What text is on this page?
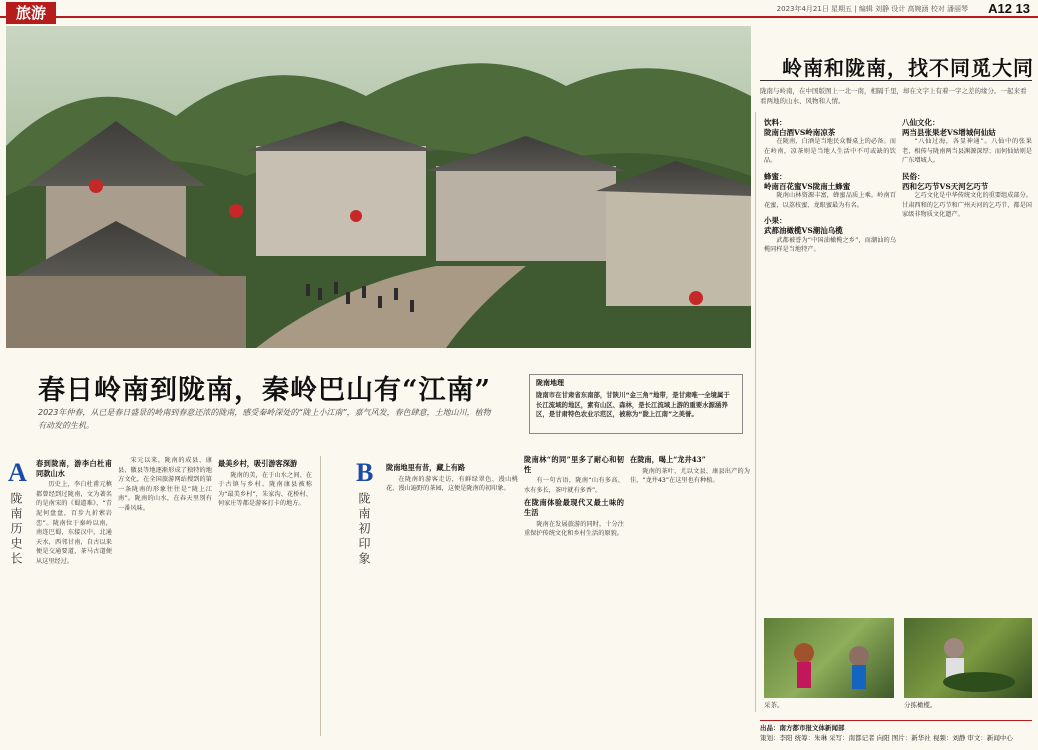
旅游	2023年4月21日 星期五 | 编辑 刘静 设计 高婉涵 校对 潘丽琴 A12 13
岭南和陇南，找不同觅大同
陇南与岭南，在中国版图上一北一南，相隔千里，却在文字上有着一字之差的缘分。一起来看看两地的山水、风物和人情。
春日岭南到陇南，秦岭巴山有“江南”
2023年仲春，从已是春日盛景的岭南到春意还浓的陇南，感受秦岭深处的“陇上小江南”，嘉气风发，春色肆意，土地山川，植物有动发的生机。
陇南地理
陇南市在甘肃省东南部，甘陕川“金三角”地带，是甘肃唯一全境属于长江流域的地区，素有山区、森林，是长江流域上游的重要水源涵养区，是甘肃特色农业示范区，被称为“陇上江南”之美誉。
A
陇南历史长
春到陇南，游李白杜甫同款山水

历史上，李白杜甫元稹都曾经到过陇南，文为著名的是南宋的《蜀道难》，“青泥何盘盘，百步九折萦岩峦”。陇南位于秦岭以南，南连巴蜀，东接汉中，北通天水，西邻甘南，自古以来便是交通要道，茶马古道便从这里经过。

宋元以来，陇南的成县、康县、徽县等地逐渐形成了独特的地方文化，在全国旅游网站搜到的第一条陇南的形象往往是“陇上江南”。陇南的山水，在春天里别有一番风味。

最美乡村，吸引游客深游

陇南的美，在于山水之间、在于古镇与乡村。陇南康县被称为“最美乡村”，朱家沟、花桥村、何家庄等都是游客打卡的地方。

B
陇南初印象
陇南地里有昔，藏上有路

在陇南的游客走访，有鲜绿翠色、漫山桃花、漫山遍野的茶园，这便是陇南的初印象。

陇南林“的同”里多了耐心和韧性

有一句古语，陇南“山有多高、水有多长，茶叶就有多香”。

在陇南体验最现代又最土味的生活

陇南在发展旅游的同时，十分注重保护传统文化和乡村生活的原貌。

在陇南，喝上“龙井43”

陇南的茶叶，尤以文县、康县出产的为佳，“龙井43”在这里也有种植。

饮料：
陇南白酒VS岭南凉茶

在陇南，白酒是当地民众餐桌上的必备。而在岭南，凉茶则是当地人生活中不可或缺的饮品。

蜂蜜：
岭南百花蜜VS陇南土蜂蜜

陇南山林资源丰富，蜂蜜品质上乘。岭南百花蜜，以荔枝蜜、龙眼蜜最为有名。

小果：
武都油橄榄VS潮汕乌榄

武都被誉为“中国油橄榄之乡”，而潮汕的乌榄同样是当地特产。

八仙文化：
两当县张果老VS增城何仙姑

“八仙过海，各显神通”。八仙中的张果老，相传与陇南两当县渊源深厚；而何仙姑则是广东增城人。

民俗：
西和乞巧节VS天河乞巧节

乞巧文化是中华传统文化的重要组成部分。甘肃西和的乞巧节和广州天河的乞巧节，都是国家级非物质文化遗产。

采茶。	分拣橄榄。
出品：南方都市报文体新闻部
策划：李阳 统筹：朱琳 采写：南都记者 向阳 图片：新华社 视频：刘静 审文：新闻中心
